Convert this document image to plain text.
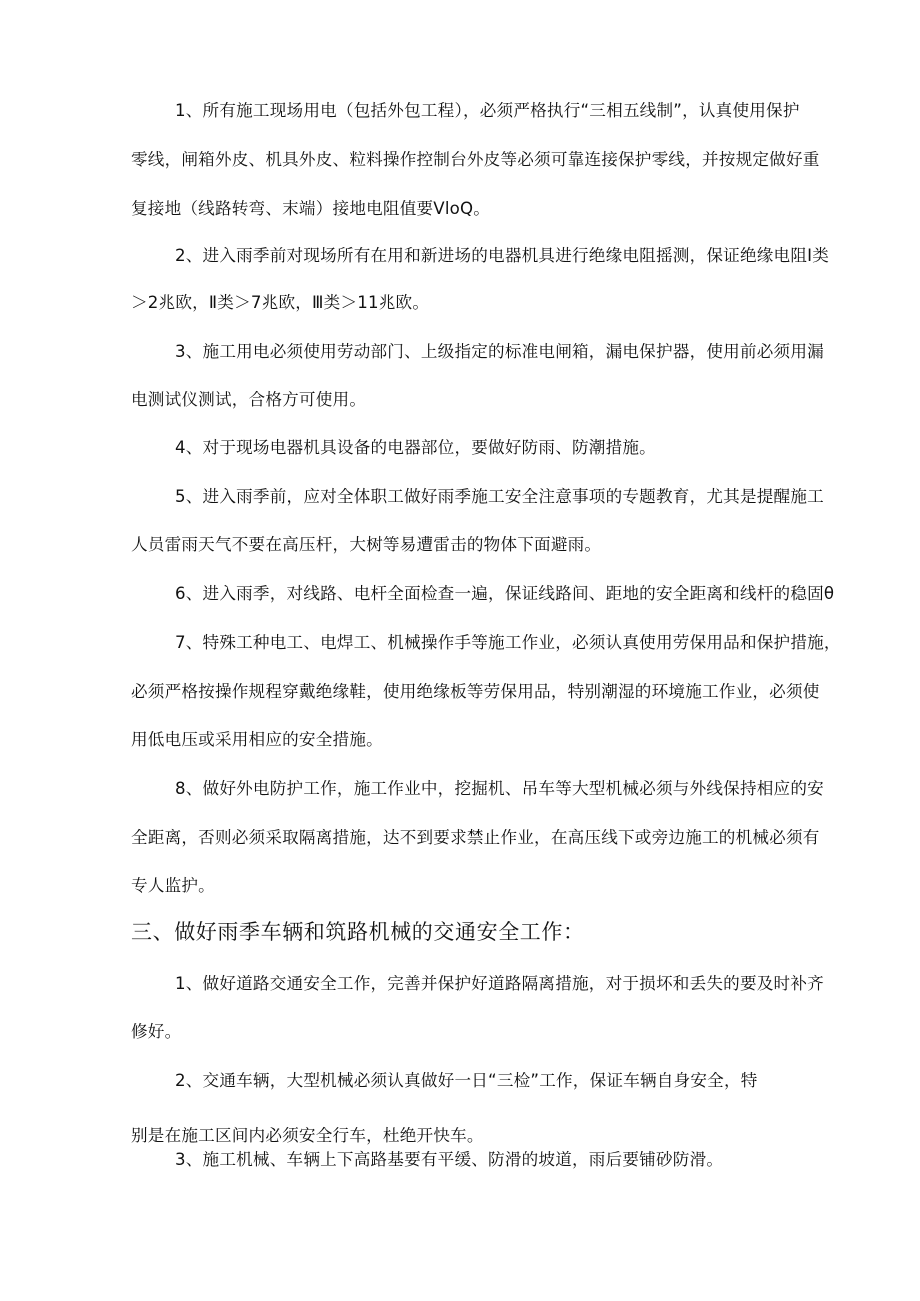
1、所有施工现场用电（包括外包工程），必须严格执行“三相五线制”，认真使用保护
零线，闸箱外皮、机具外皮、粒料操作控制台外皮等必须可靠连接保护零线，并按规定做好重
复接地（线路转弯、末端）接地电阻值要VloQ。
2、进入雨季前对现场所有在用和新进场的电器机具进行绝缘电阻摇测，保证绝缘电阻Ⅰ类
＞2兆欧，Ⅱ类＞7兆欧，Ⅲ类＞11兆欧。
3、施工用电必须使用劳动部门、上级指定的标准电闸箱，漏电保护器，使用前必须用漏
电测试仪测试，合格方可使用。
4、对于现场电器机具设备的电器部位，要做好防雨、防潮措施。
5、进入雨季前，应对全体职工做好雨季施工安全注意事项的专题教育，尤其是提醒施工
人员雷雨天气不要在高压杆，大树等易遭雷击的物体下面避雨。
6、进入雨季，对线路、电杆全面检查一遍，保证线路间、距地的安全距离和线杆的稳固θ
7、特殊工种电工、电焊工、机械操作手等施工作业，必须认真使用劳保用品和保护措施，
必须严格按操作规程穿戴绝缘鞋，使用绝缘板等劳保用品，特别潮湿的环境施工作业，必须使
用低电压或采用相应的安全措施。
8、做好外电防护工作，施工作业中，挖掘机、吊车等大型机械必须与外线保持相应的安
全距离，否则必须采取隔离措施，达不到要求禁止作业，在高压线下或旁边施工的机械必须有
专人监护。
三、做好雨季车辆和筑路机械的交通安全工作：
1、做好道路交通安全工作，完善并保护好道路隔离措施，对于损坏和丢失的要及时补齐
修好。
2、交通车辆，大型机械必须认真做好一日“三检”工作，保证车辆自身安全，特
别是在施工区间内必须安全行车，杜绝开快车。
3、施工机械、车辆上下高路基要有平缓、防滑的坡道，雨后要铺砂防滑。
